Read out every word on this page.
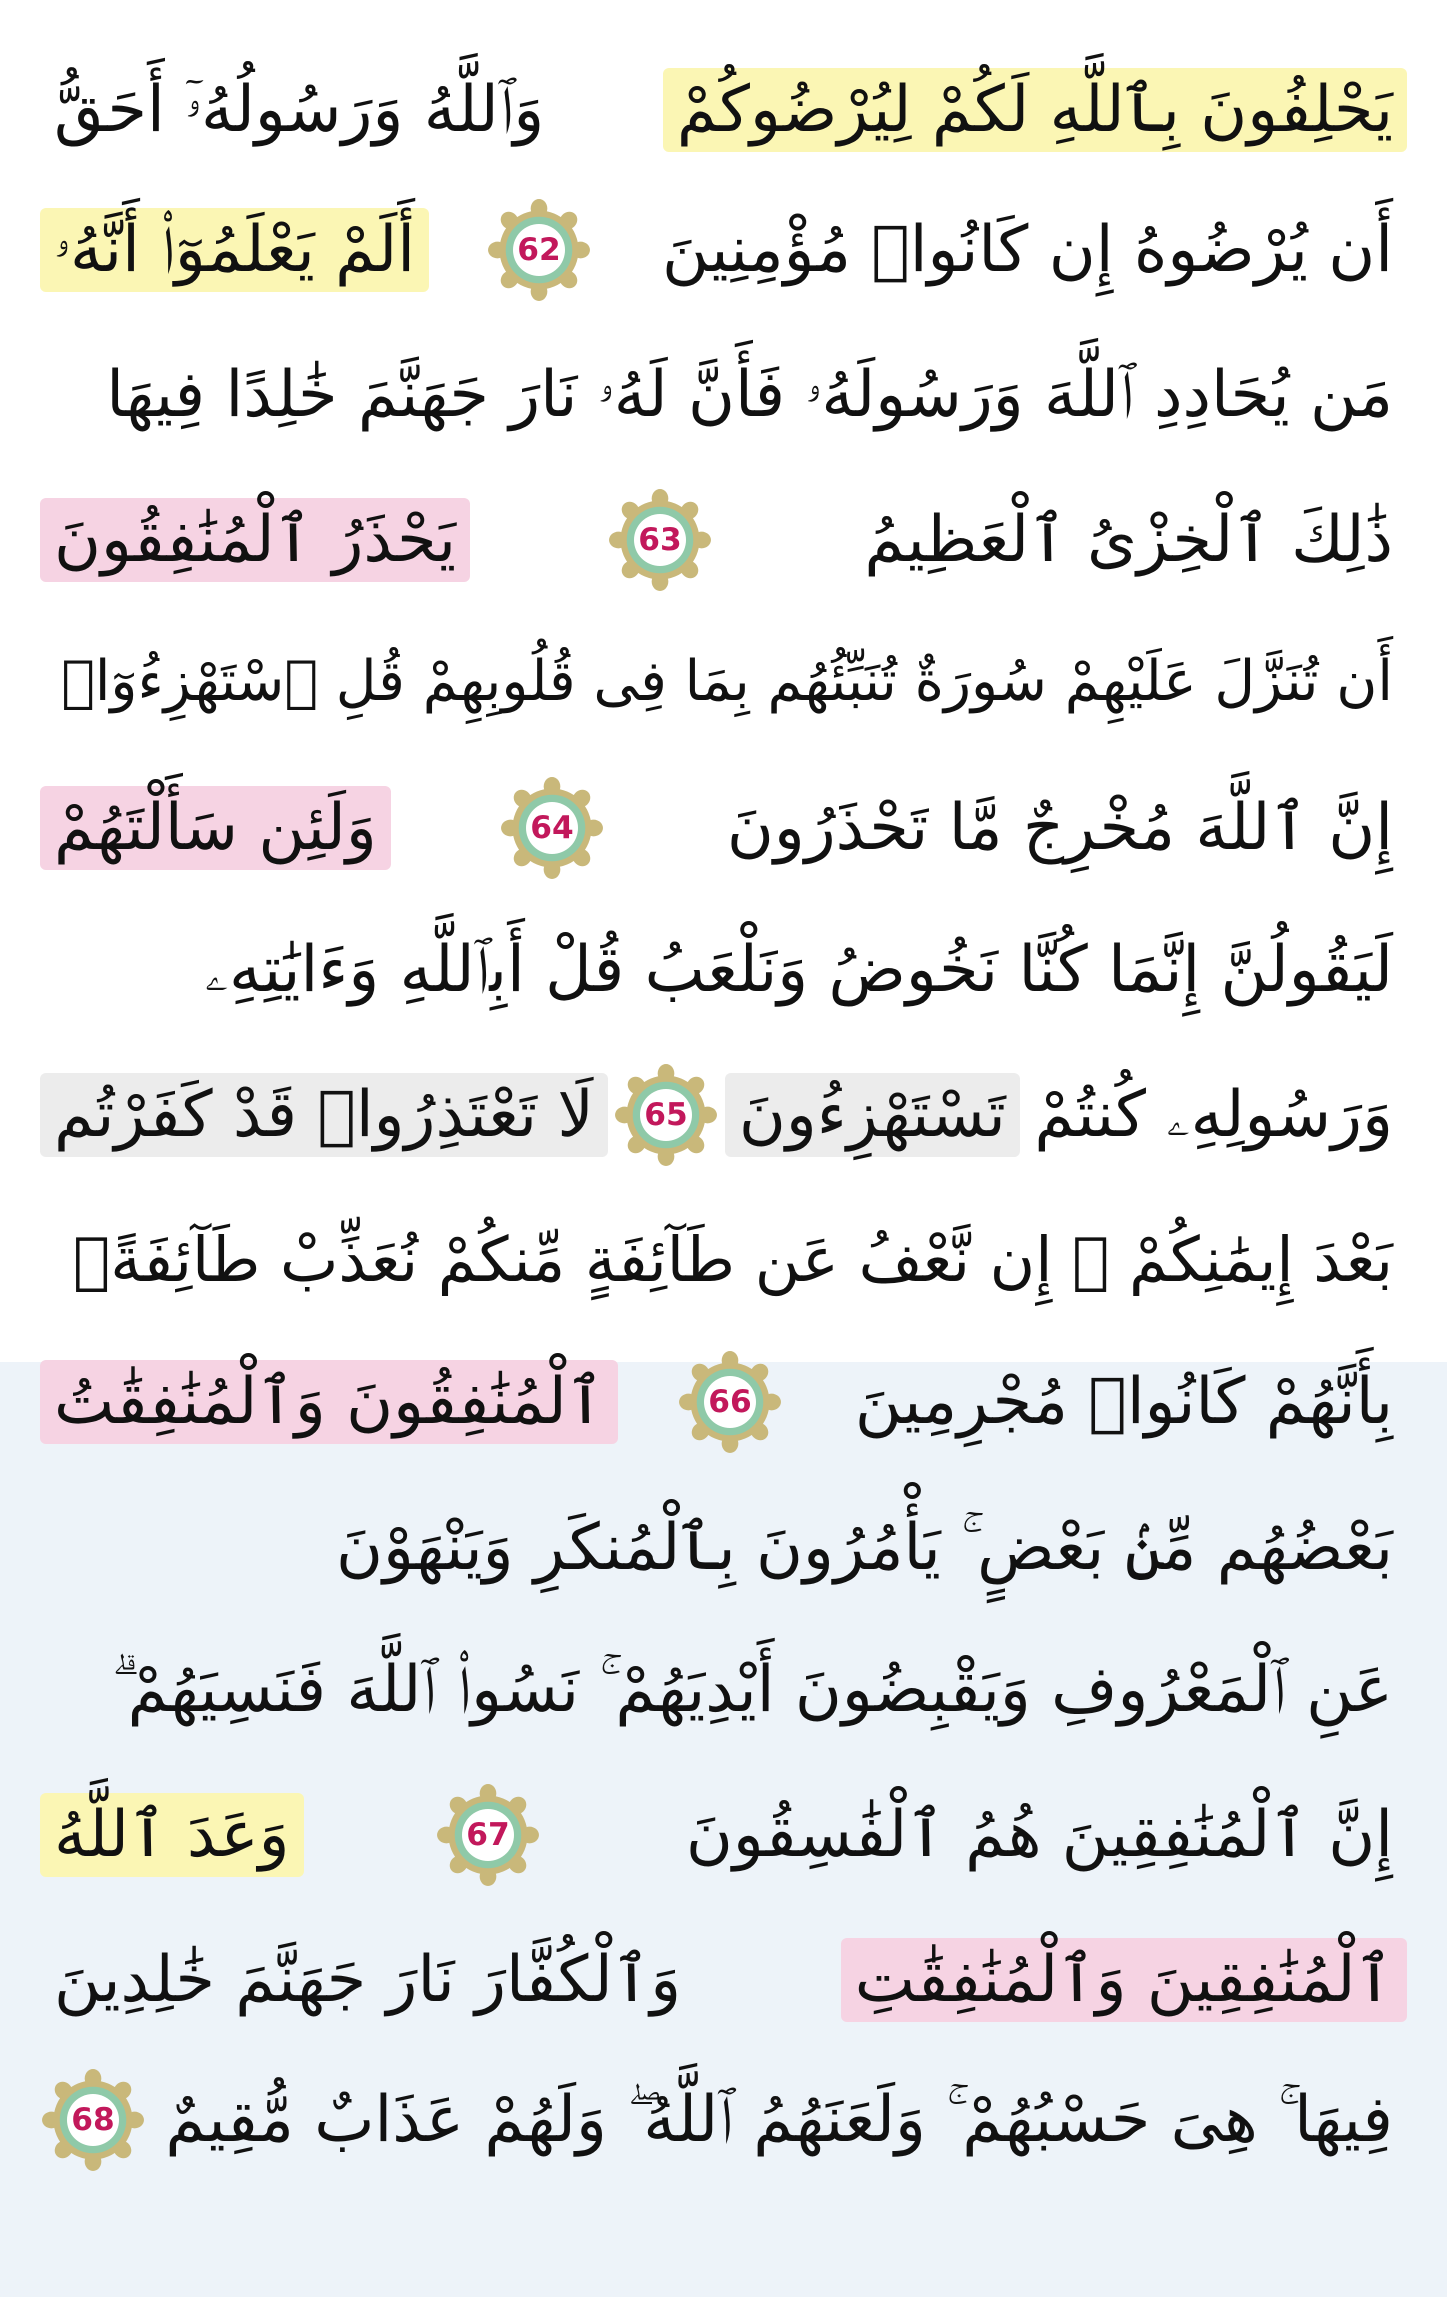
يَحْلِفُونَ بِٱللَّهِ لَكُمْ لِيُرْضُوكُمْ
وَٱللَّهُ وَرَسُولُهُۥٓ أَحَقُّ
أَن يُرْضُوهُ إِن كَانُوا۟ مُؤْمِنِينَ
62
أَلَمْ يَعْلَمُوٓا۟ أَنَّهُۥ
مَن يُحَادِدِ ٱللَّهَ وَرَسُولَهُۥ فَأَنَّ لَهُۥ نَارَ جَهَنَّمَ خَٰلِدًا فِيهَا
ذَٰلِكَ ٱلْخِزْىُ ٱلْعَظِيمُ
63
يَحْذَرُ ٱلْمُنَٰفِقُونَ
أَن تُنَزَّلَ عَلَيْهِمْ سُورَةٌ تُنَبِّئُهُم بِمَا فِى قُلُوبِهِمْ قُلِ ٱسْتَهْزِءُوٓا۟
إِنَّ ٱللَّهَ مُخْرِجٌ مَّا تَحْذَرُونَ
64
وَلَئِن سَأَلْتَهُمْ
لَيَقُولُنَّ إِنَّمَا كُنَّا نَخُوضُ وَنَلْعَبُ قُلْ أَبِٱللَّهِ وَءَايَٰتِهِۦ
وَرَسُولِهِۦ كُنتُمْ
تَسْتَهْزِءُونَ
65
لَا تَعْتَذِرُوا۟ قَدْ كَفَرْتُم
بَعْدَ إِيمَٰنِكُمْ ۚ إِن نَّعْفُ عَن طَآئِفَةٍ مِّنكُمْ نُعَذِّبْ طَآئِفَةًۢ
بِأَنَّهُمْ كَانُوا۟ مُجْرِمِينَ
66
ٱلْمُنَٰفِقُونَ وَٱلْمُنَٰفِقَٰتُ
بَعْضُهُم مِّنۢ بَعْضٍ ۚ يَأْمُرُونَ بِٱلْمُنكَرِ وَيَنْهَوْنَ
عَنِ ٱلْمَعْرُوفِ وَيَقْبِضُونَ أَيْدِيَهُمْ ۚ نَسُوا۟ ٱللَّهَ فَنَسِيَهُمْ ۗ
إِنَّ ٱلْمُنَٰفِقِينَ هُمُ ٱلْفَٰسِقُونَ
67
وَعَدَ ٱللَّهُ
ٱلْمُنَٰفِقِينَ وَٱلْمُنَٰفِقَٰتِ
وَٱلْكُفَّارَ نَارَ جَهَنَّمَ خَٰلِدِينَ
فِيهَا ۚ هِىَ حَسْبُهُمْ ۚ وَلَعَنَهُمُ ٱللَّهُ ۖ وَلَهُمْ عَذَابٌ مُّقِيمٌ
68
